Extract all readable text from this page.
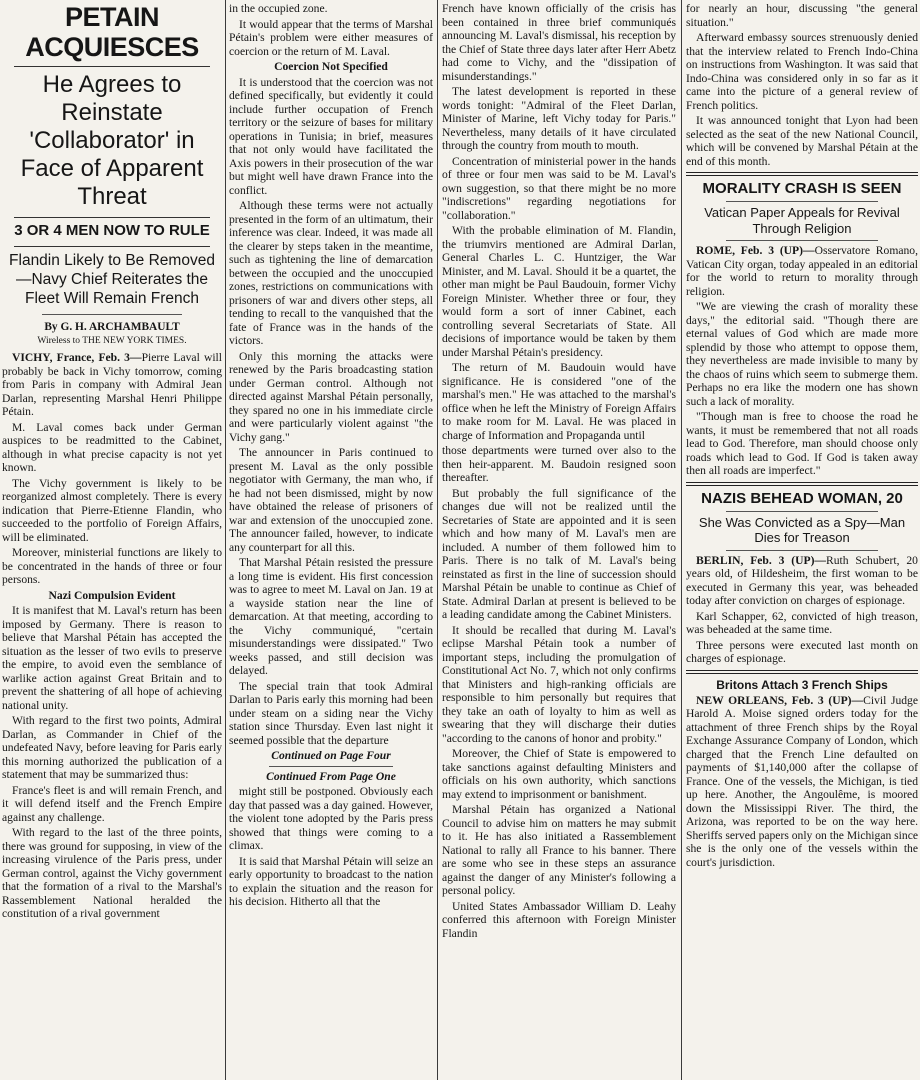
PETAIN ACQUIESCES
He Agrees to Reinstate 'Collaborator' in Face of Apparent Threat
3 OR 4 MEN NOW TO RULE
Flandin Likely to Be Removed —Navy Chief Reiterates the Fleet Will Remain French
By G. H. ARCHAMBAULT
Wireless to THE NEW YORK TIMES.

VICHY, France, Feb. 3—Pierre Laval will probably be back in Vichy tomorrow, coming from Paris in company with Admiral Jean Darlan, representing Marshal Henri Philippe Pétain.

M. Laval comes back under German auspices to be readmitted to the Cabinet, although in what precise capacity is not yet known.

The Vichy government is likely to be reorganized almost completely. There is every indication that Pierre-Etienne Flandin, who succeeded to the portfolio of Foreign Affairs, will be eliminated.

Moreover, ministerial functions are likely to be concentrated in the hands of three or four persons.

Nazi Compulsion Evident

It is manifest that M. Laval's return has been imposed by Germany. There is reason to believe that Marshal Pétain has accepted the situation as the lesser of two evils to preserve the empire, to avoid even the semblance of warlike action against Great Britain and to prevent the shattering of all hope of achieving national unity.

With regard to the first two points, Admiral Darlan, as Commander in Chief of the undefeated Navy, before leaving for Paris early this morning authorized the publication of a statement that may be summarized thus:

France's fleet is and will remain French, and it will defend itself and the French Empire against any challenge.

With regard to the last of the three points, there was ground for supposing, in view of the increasing virulence of the Paris press, under German control, against the Vichy government that the formation of a rival to the Marshal's Rassemblement National heralded the constitution of a rival government

in the occupied zone.

It would appear that the terms of Marshal Pétain's problem were either measures of coercion or the return of M. Laval.

Coercion Not Specified

It is understood that the coercion was not defined specifically, but evidently it could include further occupation of French territory or the seizure of bases for military operations in Tunisia; in brief, measures that not only would have facilitated the Axis powers in their prosecution of the war but might well have drawn France into the conflict.

Although these terms were not actually presented in the form of an ultimatum, their inference was clear. Indeed, it was made all the clearer by steps taken in the meantime, such as tightening the line of demarcation between the occupied and the unoccupied zones, restrictions on communications with prisoners of war and divers other steps, all tending to recall to the vanquished that the fate of France was in the hands of the victors.

Only this morning the attacks were renewed by the Paris broadcasting station under German control. Although not directed against Marshal Pétain personally, they spared no one in his immediate circle and were particularly violent against "the Vichy gang."

The announcer in Paris continued to present M. Laval as the only possible negotiator with Germany, the man who, if he had not been dismissed, might by now have obtained the release of prisoners of war and extension of the unoccupied zone. The announcer failed, however, to indicate any counterpart for all this.

That Marshal Pétain resisted the pressure a long time is evident. His first concession was to agree to meet M. Laval on Jan. 19 at a wayside station near the line of demarcation. At that meeting, according to the Vichy communiqué, "certain misunderstandings were dissipated." Two weeks passed, and still decision was delayed.

The special train that took Admiral Darlan to Paris early this morning had been under steam on a siding near the Vichy station since Thursday. Even last night it seemed possible that the departure

Continued on Page Four
Continued From Page One

might still be postponed. Obviously each day that passed was a day gained. However, the violent tone adopted by the Paris press showed that things were coming to a climax.

It is said that Marshal Pétain will seize an early opportunity to broadcast to the nation to explain the situation and the reason for his decision. Hitherto all that the

French have known officially of the crisis has been contained in three brief communiqués announcing M. Laval's dismissal, his reception by the Chief of State three days later after Herr Abetz had come to Vichy, and the "dissipation of misunderstandings."

The latest development is reported in these words tonight: "Admiral of the Fleet Darlan, Minister of Marine, left Vichy today for Paris." Nevertheless, many details of it have circulated through the country from mouth to mouth.

Concentration of ministerial power in the hands of three or four men was said to be M. Laval's own suggestion, so that there might be no more "indiscretions" regarding negotiations for "collaboration."

With the probable elimination of M. Flandin, the triumvirs mentioned are Admiral Darlan, General Charles L. C. Huntziger, the War Minister, and M. Laval. Should it be a quartet, the other man might be Paul Baudouin, former Vichy Foreign Minister. Whether three or four, they would form a sort of inner Cabinet, each controlling several Secretariats of State. All decisions of importance would be taken by them under Marshal Pétain's presidency.

The return of M. Baudouin would have significance. He is considered "one of the marshal's men." He was attached to the marshal's office when he left the Ministry of Foreign Affairs to make room for M. Laval. He was placed in charge of Information and Propaganda until

those departments were turned over also to the then heir-apparent. M. Baudoin resigned soon thereafter.

But probably the full significance of the changes due will not be realized until the Secretaries of State are appointed and it is seen which and how many of M. Laval's men are included. A number of them followed him to Paris. There is no talk of M. Laval's being reinstated as first in the line of succession should Marshal Pétain be unable to continue as Chief of State. Admiral Darlan at present is believed to be a leading candidate among the Cabinet Ministers.

It should be recalled that during M. Laval's eclipse Marshal Pétain took a number of important steps, including the promulgation of Constitutional Act No. 7, which not only confirms that Ministers and high-ranking officials are responsible to him personally but requires that they take an oath of loyalty to him as well as swearing that they will discharge their duties "according to the canons of honor and probity."

Moreover, the Chief of State is empowered to take sanctions against defaulting Ministers and officials on his own authority, which sanctions may extend to imprisonment or banishment.

Marshal Pétain has organized a National Council to advise him on matters he may submit to it. He has also initiated a Rassemblement National to rally all France to his banner. There are some who see in these steps an assurance against the danger of any Minister's following a personal policy.

United States Ambassador William D. Leahy conferred this afternoon with Foreign Minister Flandin

for nearly an hour, discussing "the general situation."

Afterward embassy sources strenuously denied that the interview related to French Indo-China on instructions from Washington. It was said that Indo-China was considered only in so far as it came into the picture of a general review of French politics.

It was announced tonight that Lyon had been selected as the seat of the new National Council, which will be convened by Marshal Pétain at the end of this month.

MORALITY CRASH IS SEEN
Vatican Paper Appeals for Revival Through Religion

ROME, Feb. 3 (UP)—Osservatore Romano, Vatican City organ, today appealed in an editorial for the world to return to morality through religion.

"We are viewing the crash of morality these days," the editorial said. "Though there are eternal values of God which are made more splendid by those who attempt to oppose them, they nevertheless are made invisible to many by the chaos of ruins which seem to submerge them. Perhaps no era like the modern one has shown such a lack of morality.

"Though man is free to choose the road he wants, it must be remembered that not all roads lead to God. Therefore, man should choose only roads which lead to God. If God is taken away then all roads are imperfect."

NAZIS BEHEAD WOMAN, 20
She Was Convicted as a Spy—Man Dies for Treason

BERLIN, Feb. 3 (UP)—Ruth Schubert, 20 years old, of Hildesheim, the first woman to be executed in Germany this year, was beheaded today after conviction on charges of espionage.

Karl Schapper, 62, convicted of high treason, was beheaded at the same time.

Three persons were executed last month on charges of espionage.

Britons Attach 3 French Ships

NEW ORLEANS, Feb. 3 (UP)—Civil Judge Harold A. Moise signed orders today for the attachment of three French ships by the Royal Exchange Assurance Company of London, which charged that the French Line defaulted on payments of $1,140,000 after the collapse of France. One of the vessels, the Michigan, is tied up here. Another, the Angoulême, is moored down the Mississippi River. The third, the Arizona, was reported to be on the way here. Sheriffs served papers only on the Michigan since she is the only one of the vessels within the court's jurisdiction.
